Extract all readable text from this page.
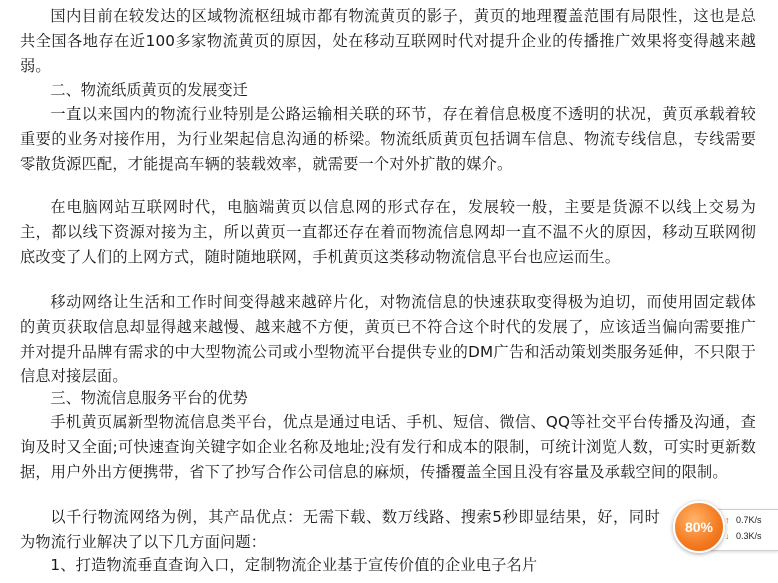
国内目前在较发达的区域物流枢纽城市都有物流黄页的影子，黄页的地理覆盖范围有局限性，这也是总共全国各地存在近100多家物流黄页的原因，处在移动互联网时代对提升企业的传播推广效果将变得越来越弱。
二、物流纸质黄页的发展变迁
一直以来国内的物流行业特别是公路运输相关联的环节，存在着信息极度不透明的状况，黄页承载着较重要的业务对接作用，为行业架起信息沟通的桥梁。物流纸质黄页包括调车信息、物流专线信息，专线需要零散货源匹配，才能提高车辆的装载效率，就需要一个对外扩散的媒介。
在电脑网站互联网时代，电脑端黄页以信息网的形式存在，发展较一般，主要是货源不以线上交易为主，都以线下资源对接为主，所以黄页一直都还存在着而物流信息网却一直不温不火的原因，移动互联网彻底改变了人们的上网方式，随时随地联网，手机黄页这类移动物流信息平台也应运而生。
移动网络让生活和工作时间变得越来越碎片化，对物流信息的快速获取变得极为迫切，而使用固定载体的黄页获取信息却显得越来越慢、越来越不方便，黄页已不符合这个时代的发展了，应该适当偏向需要推广并对提升品牌有需求的中大型物流公司或小型物流平台提供专业的DM广告和活动策划类服务延伸，不只限于信息对接层面。
三、物流信息服务平台的优势
手机黄页属新型物流信息类平台，优点是通过电话、手机、短信、微信、QQ等社交平台传播及沟通，查询及时又全面;可快速查询关键字如企业名称及地址;没有发行和成本的限制，可统计浏览人数，可实时更新数据，用户外出方便携带，省下了抄写合作公司信息的麻烦，传播覆盖全国且没有容量及承载空间的限制。
以千行物流网络为例，其产品优点：无需下载、数万线路、搜索5秒即显结果，好，同时为物流行业解决了以下几方面问题：
1、打造物流垂直查询入口，定制物流企业基于宣传价值的企业电子名片
↑ 0.7K/s
↓ 0.3K/s
80%
